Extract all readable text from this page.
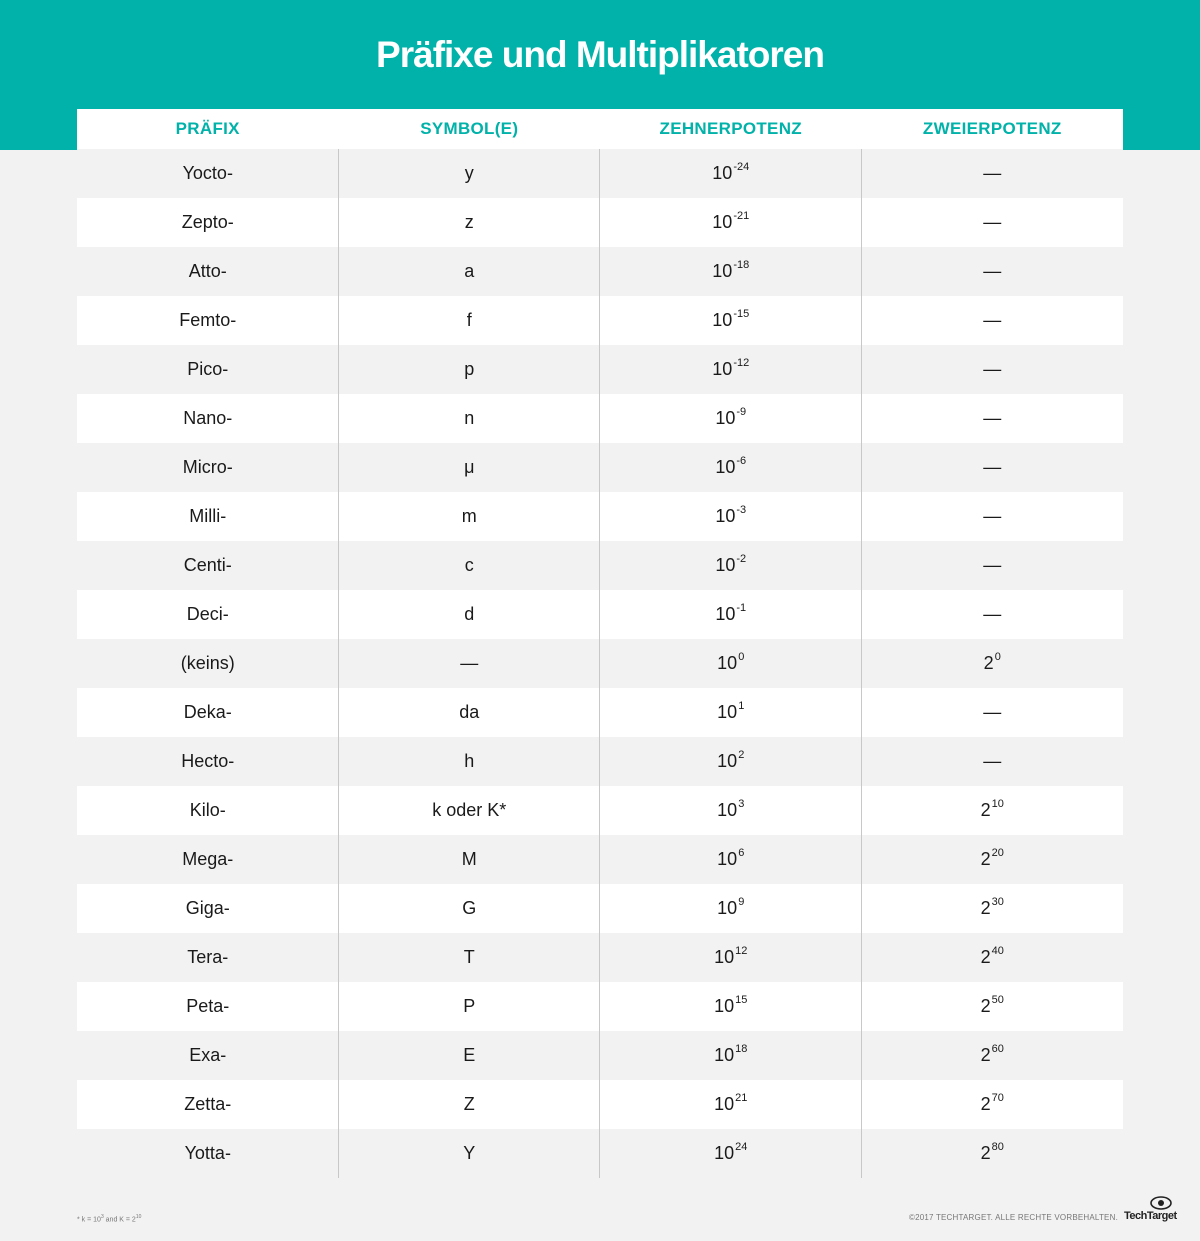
Präfixe und Multiplikatoren
PRÄFIX	SYMBOL(E)	ZEHNERPOTENZ	ZWEIERPOTENZ
Yocto-	y	$10^{-24}$	—
Zepto-	z	$10^{-21}$	—
Atto-	a	$10^{-18}$	—
Femto-	f	$10^{-15}$	—
Pico-	p	$10^{-12}$	—
Nano-	n	$10^{-9}$	—
Micro-	μ	$10^{-6}$	—
Milli-	m	$10^{-3}$	—
Centi-	c	$10^{-2}$	—
Deci-	d	$10^{-1}$	—
(keins)	—	$10^0$	$2^0$
Deka-	da	$10^1$	—
Hecto-	h	$10^2$	—
Kilo-	k oder K*	$10^3$	$2^{10}$
Mega-	M	$10^6$	$2^{20}$
Giga-	G	$10^9$	$2^{30}$
Tera-	T	$10^{12}$	$2^{40}$
Peta-	P	$10^{15}$	$2^{50}$
Exa-	E	$10^{18}$	$2^{60}$
Zetta-	Z	$10^{21}$	$2^{70}$
Yotta-	Y	$10^{24}$	$2^{80}$
* $k = 10^3$ and $K = 2^{10}$	©2017 TECHTARGET. ALLE RECHTE VORBEHALTEN. TechTarget
